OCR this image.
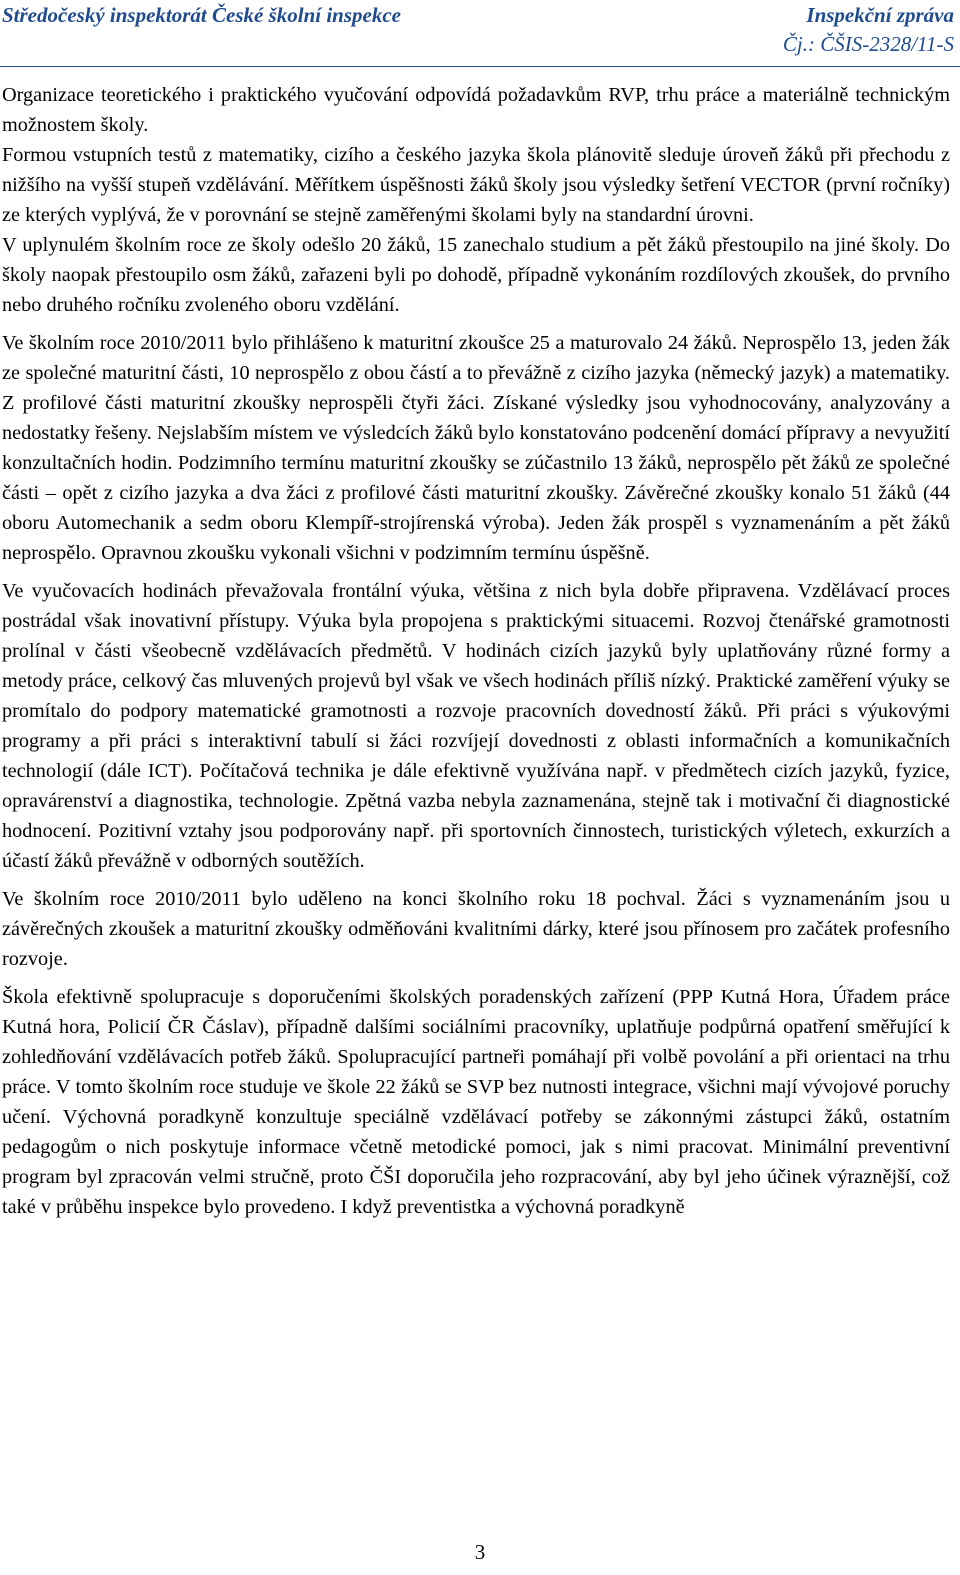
Středočeský inspektorát České školní inspekce	Inspekční zpráva
Čj.: ČŠIS-2328/11-S

Organizace teoretického i praktického vyučování odpovídá požadavkům RVP, trhu práce a materiálně technickým možnostem školy.

Formou vstupních testů z matematiky, cizího a českého jazyka škola plánovitě sleduje úroveň žáků při přechodu z nižšího na vyšší stupeň vzdělávání. Měřítkem úspěšnosti žáků školy jsou výsledky šetření VECTOR (první ročníky) ze kterých vyplývá, že v porovnání se stejně zaměřenými školami byly na standardní úrovni.

V uplynulém školním roce ze školy odešlo 20 žáků, 15 zanechalo studium a pět žáků přestoupilo na jiné školy. Do školy naopak přestoupilo osm žáků, zařazeni byli po dohodě, případně vykonáním rozdílových zkoušek, do prvního nebo druhého ročníku zvoleného oboru vzdělání.

Ve školním roce 2010/2011 bylo přihlášeno k maturitní zkoušce 25 a maturovalo 24 žáků. Neprospělo 13, jeden žák ze společné maturitní části, 10 neprospělo z obou částí a to převážně z cizího jazyka (německý jazyk) a matematiky. Z profilové části maturitní zkoušky neprospěli čtyři žáci. Získané výsledky jsou vyhodnocovány, analyzovány a nedostatky řešeny. Nejslabším místem ve výsledcích žáků bylo konstatováno podcenění domácí přípravy a nevyužití konzultačních hodin. Podzimního termínu maturitní zkoušky se zúčastnilo 13 žáků, neprospělo pět žáků ze společné části – opět z cizího jazyka a dva žáci z profilové části maturitní zkoušky. Závěrečné zkoušky konalo 51 žáků (44 oboru Automechanik a sedm oboru Klempíř-strojírenská výroba). Jeden žák prospěl s vyznamenáním a pět žáků neprospělo. Opravnou zkoušku vykonali všichni v podzimním termínu úspěšně.

Ve vyučovacích hodinách převažovala frontální výuka, většina z nich byla dobře připravena. Vzdělávací proces postrádal však inovativní přístupy. Výuka byla propojena s praktickými situacemi. Rozvoj čtenářské gramotnosti prolínal v části všeobecně vzdělávacích předmětů. V hodinách cizích jazyků byly uplatňovány různé formy a metody práce, celkový čas mluvených projevů byl však ve všech hodinách příliš nízký. Praktické zaměření výuky se promítalo do podpory matematické gramotnosti a rozvoje pracovních dovedností žáků. Při práci s výukovými programy a při práci s interaktivní tabulí si žáci rozvíjejí dovednosti z oblasti informačních a komunikačních technologií (dále ICT). Počítačová technika je dále efektivně využívána např. v předmětech cizích jazyků, fyzice, opravárenství a diagnostika, technologie. Zpětná vazba nebyla zaznamenána, stejně tak i motivační či diagnostické hodnocení. Pozitivní vztahy jsou podporovány např. při sportovních činnostech, turistických výletech, exkurzích a účastí žáků převážně v odborných soutěžích.

Ve školním roce 2010/2011 bylo uděleno na konci školního roku 18 pochval. Žáci s vyznamenáním jsou u závěrečných zkoušek a maturitní zkoušky odměňováni kvalitními dárky, které jsou přínosem pro začátek profesního rozvoje.

Škola efektivně spolupracuje s doporučeními školských poradenských zařízení (PPP Kutná Hora, Úřadem práce Kutná hora, Policií ČR Čáslav), případně dalšími sociálními pracovníky, uplatňuje podpůrná opatření směřující k zohledňování vzdělávacích potřeb žáků. Spolupracující partneři pomáhají při volbě povolání a při orientaci na trhu práce. V tomto školním roce studuje ve škole 22 žáků se SVP bez nutnosti integrace, všichni mají vývojové poruchy učení. Výchovná poradkyně konzultuje speciálně vzdělávací potřeby se zákonnými zástupci žáků, ostatním pedagogům o nich poskytuje informace včetně metodické pomoci, jak s nimi pracovat. Minimální preventivní program byl zpracován velmi stručně, proto ČŠI doporučila jeho rozpracování, aby byl jeho účinek výraznější, což také v průběhu inspekce bylo provedeno. I když preventistka a výchovná poradkyně

3
